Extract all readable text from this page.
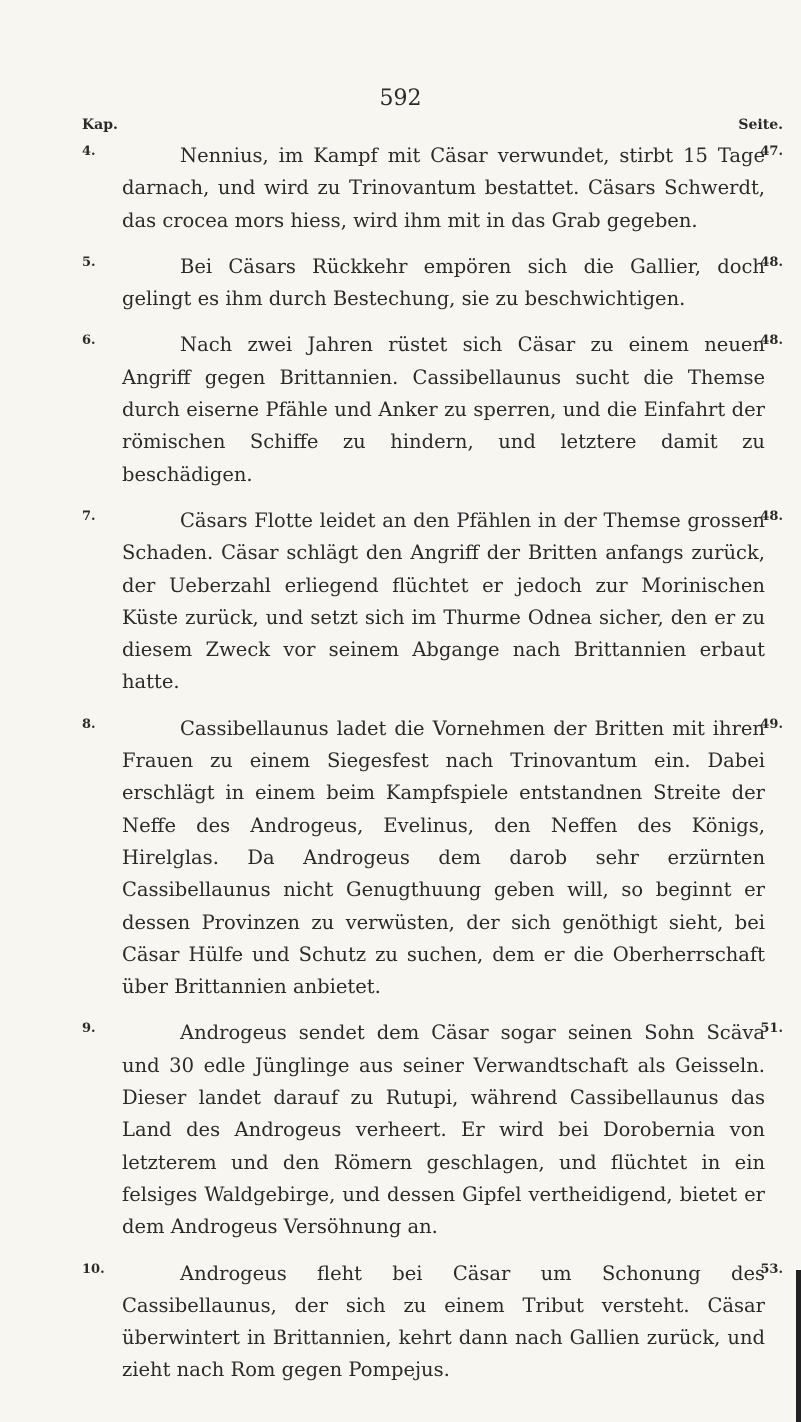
592
Kap.	Seite.
4.	47.
Nennius, im Kampf mit Cäsar verwundet, stirbt 15 Tage darnach, und wird zu Trinovantum bestattet. Cäsars Schwerdt, das crocea mors hiess, wird ihm mit in das Grab gegeben.
5.	48.
Bei Cäsars Rückkehr empören sich die Gallier, doch gelingt es ihm durch Bestechung, sie zu beschwichtigen.
6.	48.
Nach zwei Jahren rüstet sich Cäsar zu einem neuen Angriff gegen Brittannien. Cassibellaunus sucht die Themse durch eiserne Pfähle und Anker zu sperren, und die Einfahrt der römischen Schiffe zu hindern, und letztere damit zu beschädigen.
7.	48.
Cäsars Flotte leidet an den Pfählen in der Themse grossen Schaden. Cäsar schlägt den Angriff der Britten anfangs zurück, der Ueberzahl erliegend flüchtet er jedoch zur Morinischen Küste zurück, und setzt sich im Thurme Odnea sicher, den er zu diesem Zweck vor seinem Abgange nach Brittannien erbaut hatte.
8.	49.
Cassibellaunus ladet die Vornehmen der Britten mit ihren Frauen zu einem Siegesfest nach Trinovantum ein. Dabei erschlägt in einem beim Kampfspiele entstandnen Streite der Neffe des Androgeus, Evelinus, den Neffen des Königs, Hirelglas. Da Androgeus dem darob sehr erzürnten Cassibellaunus nicht Genugthuung geben will, so beginnt er dessen Provinzen zu verwüsten, der sich genöthigt sieht, bei Cäsar Hülfe und Schutz zu suchen, dem er die Oberherrschaft über Brittannien anbietet.
9.	51.
Androgeus sendet dem Cäsar sogar seinen Sohn Scäva und 30 edle Jünglinge aus seiner Verwandtschaft als Geisseln. Dieser landet darauf zu Rutupi, während Cassibellaunus das Land des Androgeus verheert. Er wird bei Dorobernia von letzterem und den Römern geschlagen, und flüchtet in ein felsiges Waldgebirge, und dessen Gipfel vertheidigend, bietet er dem Androgeus Versöhnung an.
10.	53.
Androgeus fleht bei Cäsar um Schonung des Cassibellaunus, der sich zu einem Tribut versteht. Cäsar überwintert in Brittannien, kehrt dann nach Gallien zurück, und zieht nach Rom gegen Pompejus.
